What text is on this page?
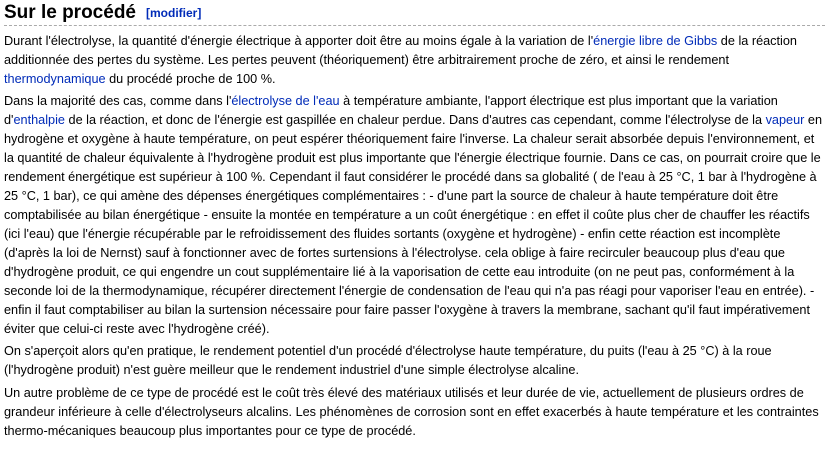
Sur le procédé [modifier]

Durant l'électrolyse, la quantité d'énergie électrique à apporter doit être au moins égale à la variation de l'énergie libre de Gibbs de la réaction additionnée des pertes du système. Les pertes peuvent (théoriquement) être arbitrairement proche de zéro, et ainsi le rendement thermodynamique du procédé proche de 100 %.

Dans la majorité des cas, comme dans l'électrolyse de l'eau à température ambiante, l'apport électrique est plus important que la variation d'enthalpie de la réaction, et donc de l'énergie est gaspillée en chaleur perdue. Dans d'autres cas cependant, comme l'électrolyse de la vapeur en hydrogène et oxygène à haute température, on peut espérer théoriquement faire l'inverse. La chaleur serait absorbée depuis l'environnement, et la quantité de chaleur équivalente à l'hydrogène produit est plus importante que l'énergie électrique fournie. Dans ce cas, on pourrait croire que le rendement énergétique est supérieur à 100 %. Cependant il faut considérer le procédé dans sa globalité ( de l'eau à 25 °C, 1 bar à l'hydrogène à 25 °C, 1 bar), ce qui amène des dépenses énergétiques complémentaires : - d'une part la source de chaleur à haute température doit être comptabilisée au bilan énergétique - ensuite la montée en température a un coût énergétique : en effet il coûte plus cher de chauffer les réactifs (ici l'eau) que l'énergie récupérable par le refroidissement des fluides sortants (oxygène et hydrogène) - enfin cette réaction est incomplète (d'après la loi de Nernst) sauf à fonctionner avec de fortes surtensions à l'électrolyse. cela oblige à faire recirculer beaucoup plus d'eau que d'hydrogène produit, ce qui engendre un cout supplémentaire lié à la vaporisation de cette eau introduite (on ne peut pas, conformément à la seconde loi de la thermodynamique, récupérer directement l'énergie de condensation de l'eau qui n'a pas réagi pour vaporiser l'eau en entrée). - enfin il faut comptabiliser au bilan la surtension nécessaire pour faire passer l'oxygène à travers la membrane, sachant qu'il faut impérativement éviter que celui-ci reste avec l'hydrogène créé).

On s'aperçoit alors qu'en pratique, le rendement potentiel d'un procédé d'électrolyse haute température, du puits (l'eau à 25 °C) à la roue (l'hydrogène produit) n'est guère meilleur que le rendement industriel d'une simple électrolyse alcaline.

Un autre problème de ce type de procédé est le coût très élevé des matériaux utilisés et leur durée de vie, actuellement de plusieurs ordres de grandeur inférieure à celle d'électrolyseurs alcalins. Les phénomènes de corrosion sont en effet exacerbés à haute température et les contraintes thermo-mécaniques beaucoup plus importantes pour ce type de procédé.
